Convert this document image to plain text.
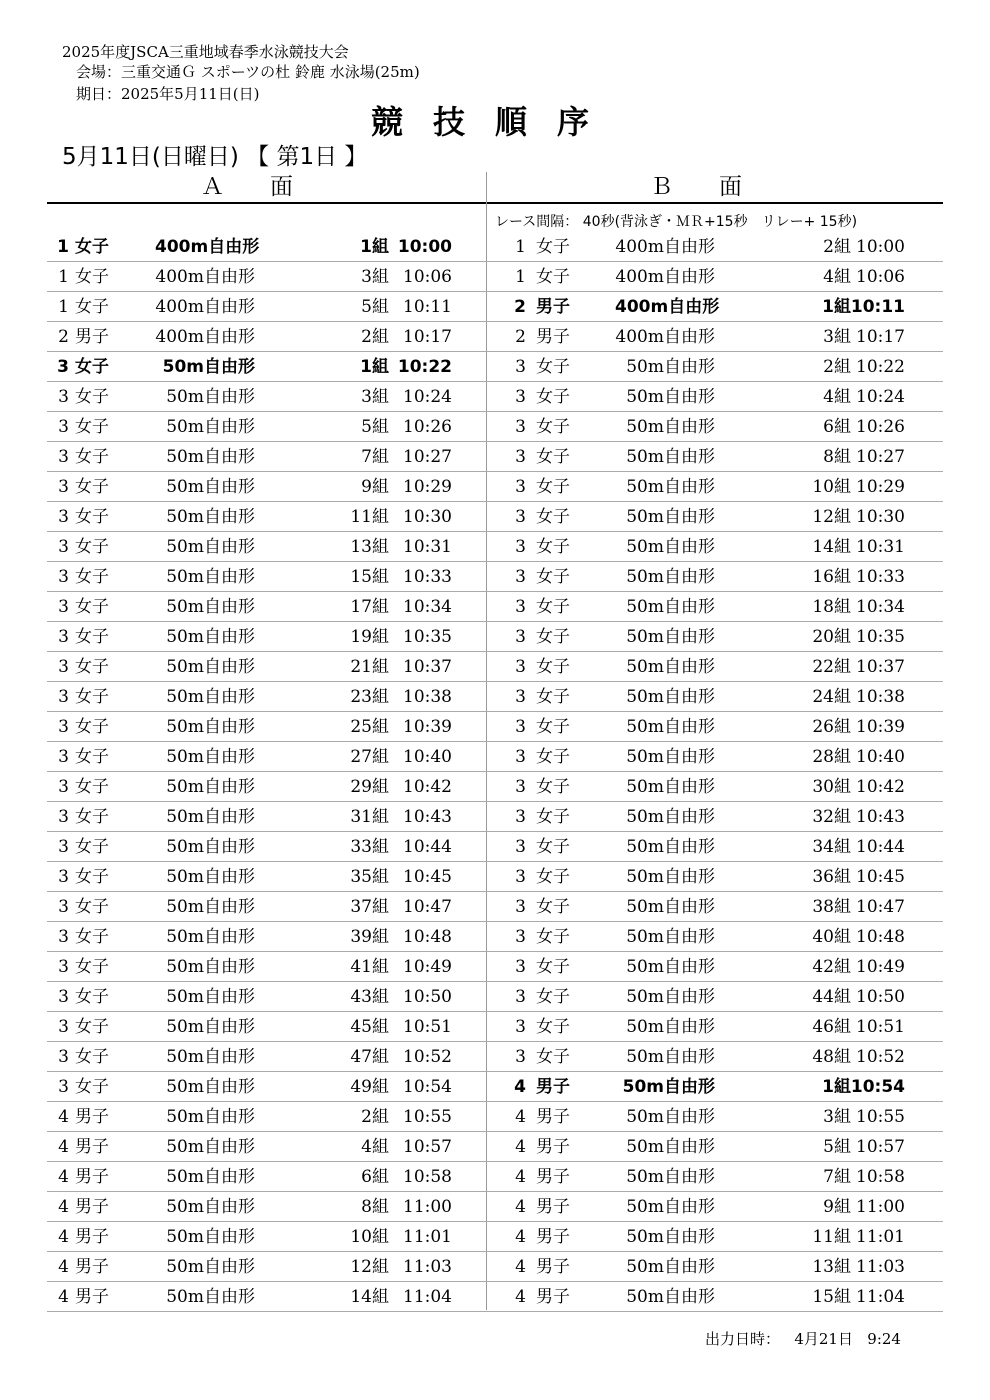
2025年度JSCA三重地域春季水泳競技大会
会場：三重交通Ｇ スポーツの杜 鈴鹿 水泳場(25m)
期日：2025年5月11日(日)
競技順序
5月11日(日曜日) 【 第1日 】
Ａ　　面	Ｂ　　面
レース間隔： 40秒(背泳ぎ・ＭＲ+15秒　リレー+ 15秒)
1 女子	400m自由形	1組 10:00
1 女子	400m自由形	3組 10:06
1 女子	400m自由形	5組 10:11
2 男子	400m自由形	2組 10:17
3 女子	50m自由形	1組 10:22
3 女子	50m自由形	3組 10:24
3 女子	50m自由形	5組 10:26
3 女子	50m自由形	7組 10:27
3 女子	50m自由形	9組 10:29
3 女子	50m自由形	11組 10:30
3 女子	50m自由形	13組 10:31
3 女子	50m自由形	15組 10:33
3 女子	50m自由形	17組 10:34
3 女子	50m自由形	19組 10:35
3 女子	50m自由形	21組 10:37
3 女子	50m自由形	23組 10:38
3 女子	50m自由形	25組 10:39
3 女子	50m自由形	27組 10:40
3 女子	50m自由形	29組 10:42
3 女子	50m自由形	31組 10:43
3 女子	50m自由形	33組 10:44
3 女子	50m自由形	35組 10:45
3 女子	50m自由形	37組 10:47
3 女子	50m自由形	39組 10:48
3 女子	50m自由形	41組 10:49
3 女子	50m自由形	43組 10:50
3 女子	50m自由形	45組 10:51
3 女子	50m自由形	47組 10:52
3 女子	50m自由形	49組 10:54
4 男子	50m自由形	2組 10:55
4 男子	50m自由形	4組 10:57
4 男子	50m自由形	6組 10:58
4 男子	50m自由形	8組 11:00
4 男子	50m自由形	10組 11:01
4 男子	50m自由形	12組 11:03
4 男子	50m自由形	14組 11:04
1 女子	400m自由形	2組 10:00
1 女子	400m自由形	4組 10:06
2 男子	400m自由形	1組 10:11
2 男子	400m自由形	3組 10:17
3 女子	50m自由形	2組 10:22
3 女子	50m自由形	4組 10:24
3 女子	50m自由形	6組 10:26
3 女子	50m自由形	8組 10:27
3 女子	50m自由形	10組 10:29
3 女子	50m自由形	12組 10:30
3 女子	50m自由形	14組 10:31
3 女子	50m自由形	16組 10:33
3 女子	50m自由形	18組 10:34
3 女子	50m自由形	20組 10:35
3 女子	50m自由形	22組 10:37
3 女子	50m自由形	24組 10:38
3 女子	50m自由形	26組 10:39
3 女子	50m自由形	28組 10:40
3 女子	50m自由形	30組 10:42
3 女子	50m自由形	32組 10:43
3 女子	50m自由形	34組 10:44
3 女子	50m自由形	36組 10:45
3 女子	50m自由形	38組 10:47
3 女子	50m自由形	40組 10:48
3 女子	50m自由形	42組 10:49
3 女子	50m自由形	44組 10:50
3 女子	50m自由形	46組 10:51
3 女子	50m自由形	48組 10:52
4 男子	50m自由形	1組 10:54
4 男子	50m自由形	3組 10:55
4 男子	50m自由形	5組 10:57
4 男子	50m自由形	7組 10:58
4 男子	50m自由形	9組 11:00
4 男子	50m自由形	11組 11:01
4 男子	50m自由形	13組 11:03
4 男子	50m自由形	15組 11:04
出力日時： 4月21日 9:24
